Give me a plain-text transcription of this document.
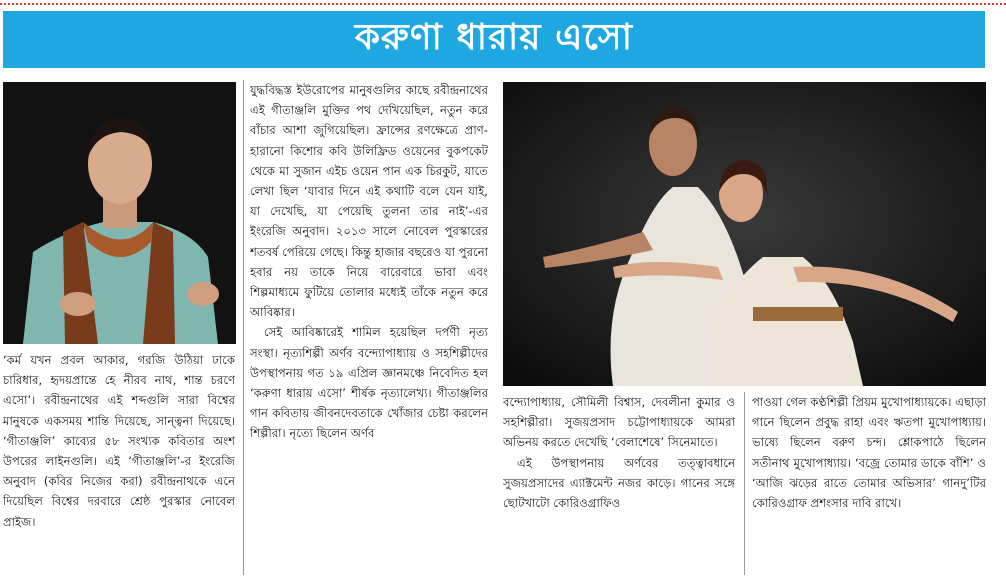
করুণা ধারায় এসো

‘কর্ম যখন প্রবল আকার, গরজি উঠিয়া ঢাকে চারিধার, হৃদয়প্রান্তে হে নীরব নাথ, শান্ত চরণে এসো’। রবীন্দ্রনাথের এই শব্দগুলি সারা বিশ্বের মানুষকে একসময় শান্তি দিয়েছে, সান্ত্বনা দিয়েছে। ‘গীতাঞ্জলি’ কাব্যের ৫৮ সংখ্যক কবিতার অংশ উপরের লাইনগুলি। এই ‘গীতাঞ্জলি’-র ইংরেজি অনুবাদ (কবির নিজের করা) রবীন্দ্রনাথকে এনে দিয়েছিল বিশ্বের দরবারে শ্রেষ্ঠ পুরস্কার নোবেল প্রাইজ।

যুদ্ধবিদ্ধস্ত ইউরোপের মানুষগুলির কাছে রবীন্দ্রনাথের এই গীতাঞ্জলি মুক্তির পথ দেখিয়েছিল, নতুন করে বাঁচার আশা জুগিয়েছিল। ফ্রান্সের রণক্ষেত্রে প্রাণ-হারানো কিশোর কবি উলিফ্রিড ওয়েনের বুকপকেট থেকে মা সুজান এইচ ওয়েন পান এক চিরকুট, যাতে লেখা ছিল ‘যাবার দিনে এই কথাটি বলে যেন যাই, যা দেখেছি, যা পেয়েছি তুলনা তার নাই’-এর ইংরেজি অনুবাদ। ২০১৩ সালে নোবেল পুরস্কারের শতবর্ষ পেরিয়ে গেছে। কিন্তু হাজার বছরেও যা পুরনো হবার নয় তাকে নিয়ে বারেবারে ভাবা এবং শিল্পমাধ্যমে ফুটিয়ে তোলার মধ্যেই তাঁকে নতুন করে আবিষ্কার।

সেই আবিষ্কারেই শামিল হয়েছিল দর্পণী নৃত্য সংস্থা। নৃত্যশিল্পী অর্ণব বন্দ্যোপাধ্যায় ও সহশিল্পীদের উপস্থাপনায় গত ১৯ এপ্রিল জ্ঞানমঞ্চে নিবেদিত হল ‘করুণা ধারায় এসো’ শীর্ষক নৃত্যালেখ্য। গীতাঞ্জলির গান কবিতায় জীবনদেবতাকে খোঁজার চেষ্টা করলেন শিল্পীরা। নৃত্যে ছিলেন অর্ণব

বন্দ্যোপাধ্যায়, সৌমিলী বিশ্বাস, দেবলীনা কুমার ও সহশিল্পীরা। সুজয়প্রসাদ চট্টোপাধ্যায়কে আমরা অভিনয় করতে দেখেছি ‘বেলাশেষে’ সিনেমাতে।

এই উপস্থাপনায় অর্ণবের তত্ত্বাবধানে সুজয়প্রসাদের এ্যাক্টমেন্ট নজর কাড়ে। গানের সঙ্গে ছোটখাটো কোরিওগ্রাফিও

পাওয়া গেল কণ্ঠশিল্পী প্রিয়ম মুখোপাধ্যায়কে। এছাড়া গানে ছিলেন প্রবুদ্ধ রাহা এবং ঋতপা মুখোপাধ্যায়। ভাষ্যে ছিলেন বরুণ চন্দ। শ্লোকপাঠে ছিলেন সতীনাথ মুখোপাধ্যায়। ‘বজ্রে তোমার ডাকে বাঁশি’ ও ‘আজি ঝড়ের রাতে তোমার অভিসার’ গানদু’টির কোরিওগ্রাফ প্রশংসার দাবি রাখে।
